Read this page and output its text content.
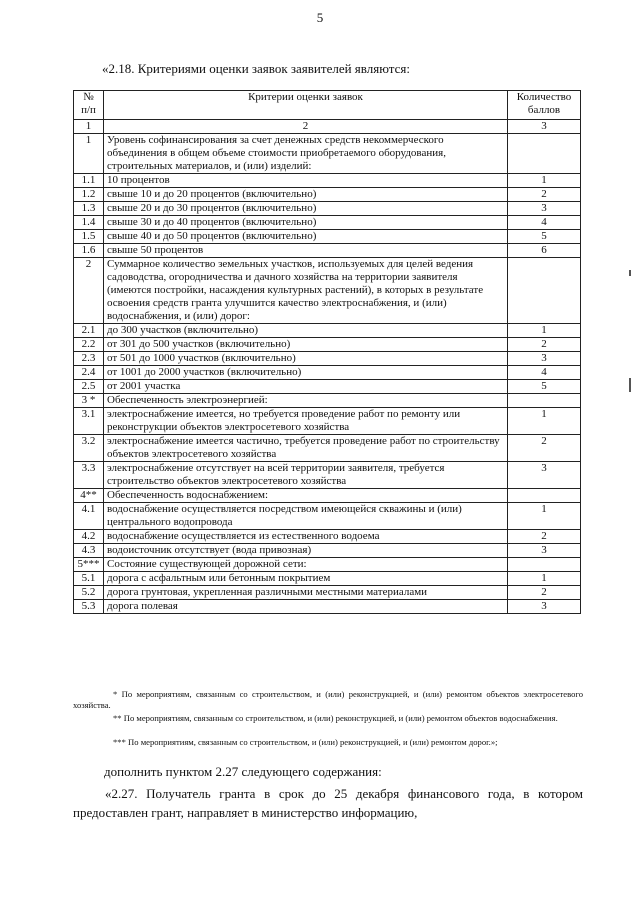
5
«2.18. Критериями оценки заявок заявителей являются:
№
п/п	Критерии оценки заявок	Количество
баллов
1	2	3
1	Уровень софинансирования за счет денежных средств некоммерческого объединения в общем объеме стоимости приобретаемого оборудования, строительных материалов, и (или) изделий:	
1.1	10 процентов	1
1.2	свыше 10 и до 20 процентов (включительно)	2
1.3	свыше 20 и до 30 процентов (включительно)	3
1.4	свыше 30 и до 40 процентов (включительно)	4
1.5	свыше 40 и до 50 процентов (включительно)	5
1.6	свыше 50 процентов	6
2	Суммарное количество земельных участков, используемых для целей ведения садоводства, огородничества и дачного хозяйства на территории заявителя (имеются постройки, насаждения культурных растений), в которых в результате освоения средств гранта улучшится качество электроснабжения, и (или) водоснабжения, и (или) дорог:	
2.1	до 300 участков (включительно)	1
2.2	от 301 до 500 участков (включительно)	2
2.3	от 501 до 1000 участков (включительно)	3
2.4	от 1001 до 2000 участков (включительно)	4
2.5	от 2001 участка	5
3 *	Обеспеченность электроэнергией:	
3.1	электроснабжение имеется, но требуется проведение работ по ремонту или реконструкции объектов электросетевого хозяйства	1
3.2	электроснабжение имеется частично, требуется проведение работ по строительству объектов электросетевого хозяйства	2
3.3	электроснабжение отсутствует на всей территории заявителя, требуется строительство объектов электросетевого хозяйства	3
4**	Обеспеченность водоснабжением:	
4.1	водоснабжение осуществляется посредством имеющейся скважины и (или) центрального водопровода	1
4.2	водоснабжение осуществляется из естественного водоема	2
4.3	водоисточник отсутствует (вода привозная)	3
5***	Состояние существующей дорожной сети:	
5.1	дорога с асфальтным или бетонным покрытием	1
5.2	дорога грунтовая, укрепленная различными местными материалами	2
5.3	дорога полевая	3
* По мероприятиям, связанным со строительством, и (или) реконструкцией, и (или) ремонтом объектов электросетевого хозяйства.
** По мероприятиям, связанным со строительством, и (или) реконструкцией, и (или) ремонтом объектов водоснабжения.
*** По мероприятиям, связанным со строительством, и (или) реконструкцией, и (или) ремонтом дорог.»;
дополнить пунктом 2.27 следующего содержания:
«2.27. Получатель гранта в срок до 25 декабря финансового года, в котором предоставлен грант, направляет в министерство информацию,
